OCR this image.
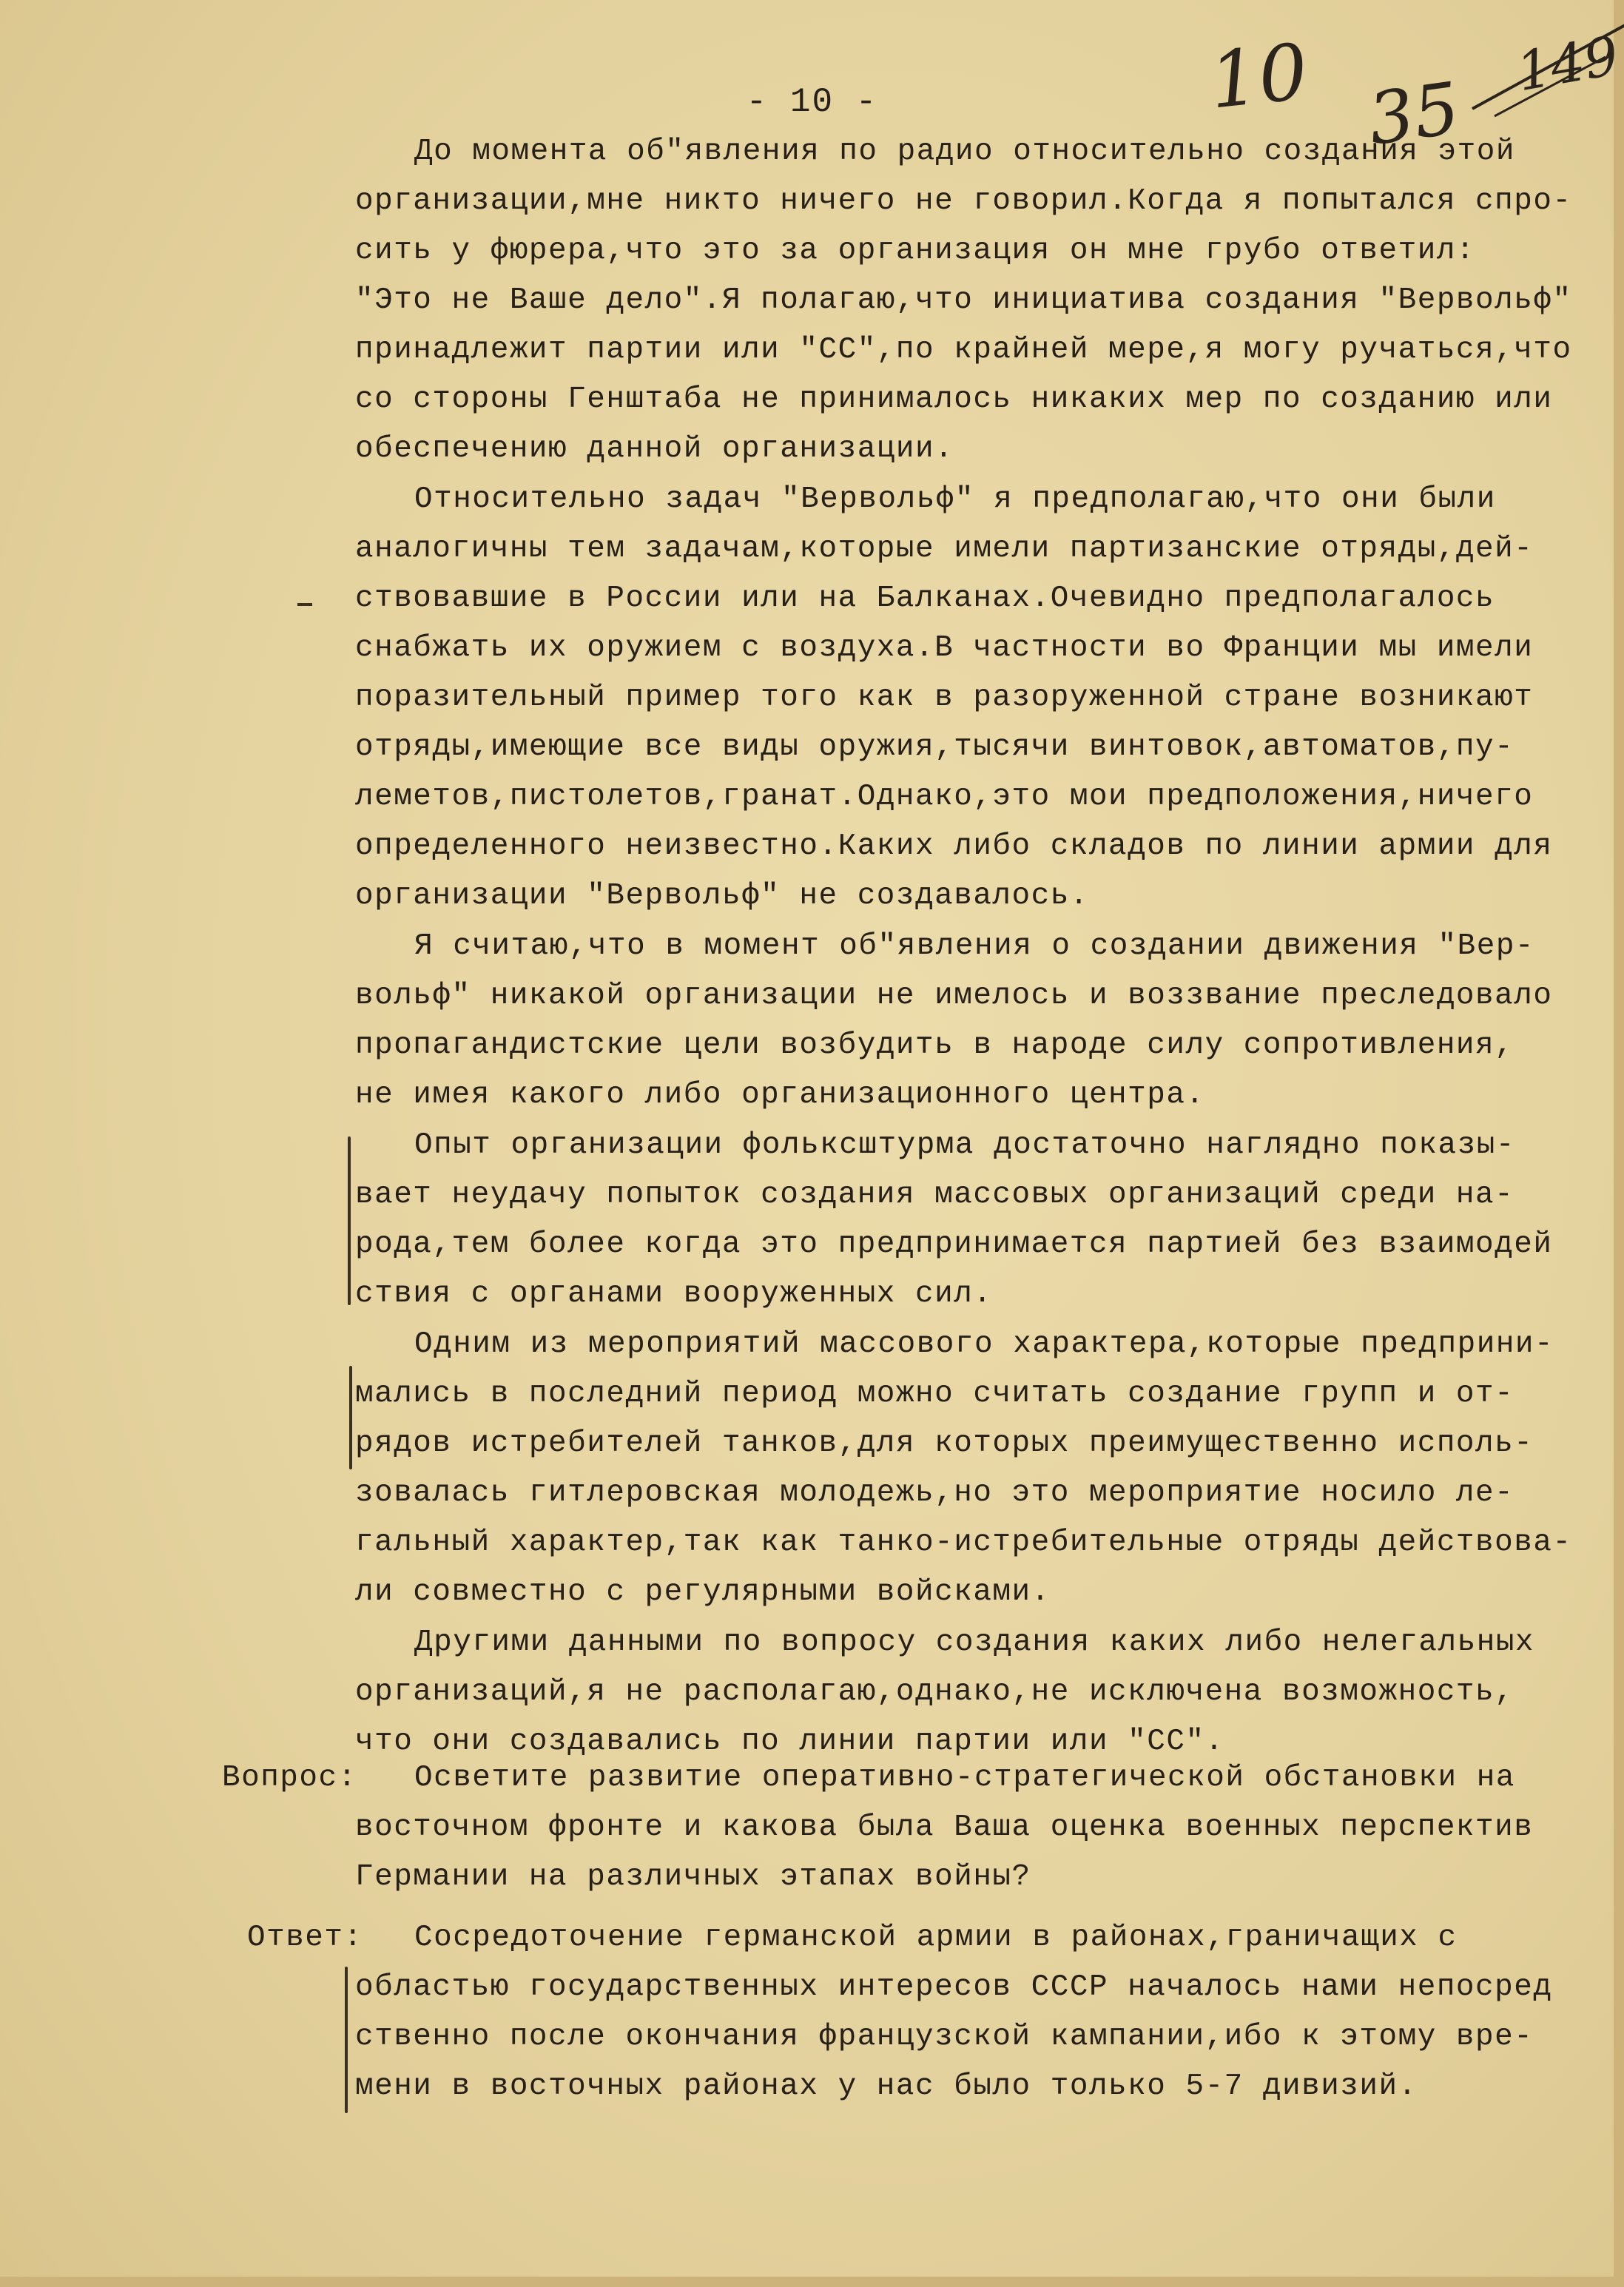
10 35
149
- 10 -
Вопрос:
Ответ:
До момента об"явления по радио относительно создания этой
организации,мне никто ничего не говорил.Когда я попытался спро-
сить у фюрера,что это за организация он мне грубо ответил:
"Это не Ваше дело".Я полагаю,что инициатива создания "Вервольф"
принадлежит партии или "СС",по крайней мере,я могу ручаться,что
со стороны Генштаба не принималось никаких мер по созданию или
обеспечению данной организации.
Относительно задач "Вервольф" я предполагаю,что они были
аналогичны тем задачам,которые имели партизанские отряды,дей-
ствовавшие в России или на Балканах.Очевидно предполагалось
снабжать их оружием с воздуха.В частности во Франции мы имели
поразительный пример того как в разоруженной стране возникают
отряды,имеющие все виды оружия,тысячи винтовок,автоматов,пу-
леметов,пистолетов,гранат.Однако,это мои предположения,ничего
определенного неизвестно.Каких либо складов по линии армии для
организации "Вервольф" не создавалось.
Я считаю,что в момент об"явления о создании движения "Вер-
вольф" никакой организации не имелось и воззвание преследовало
пропагандистские цели возбудить в народе силу сопротивления,
не имея какого либо организационного центра.
Опыт организации фольксштурма достаточно наглядно показы-
вает неудачу попыток создания массовых организаций среди на-
рода,тем более когда это предпринимается партией без взаимодей
ствия с органами вооруженных сил.
Одним из мероприятий массового характера,которые предприни-
мались в последний период можно считать создание групп и от-
рядов истребителей танков,для которых преимущественно исполь-
зовалась гитлеровская молодежь,но это мероприятие носило ле-
гальный характер,так как танко-истребительные отряды действова-
ли совместно с регулярными войсками.
Другими данными по вопросу создания каких либо нелегальных
организаций,я не располагаю,однако,не исключена возможность,
что они создавались по линии партии или "СС".
Осветите развитие оперативно-стратегической обстановки на
восточном фронте и какова была Ваша оценка военных перспектив
Германии на различных этапах войны?
Сосредоточение германской армии в районах,граничащих с
областью государственных интересов СССР началось нами непосред
ственно после окончания французской кампании,ибо к этому вре-
мени в восточных районах у нас было только 5-7 дивизий.
